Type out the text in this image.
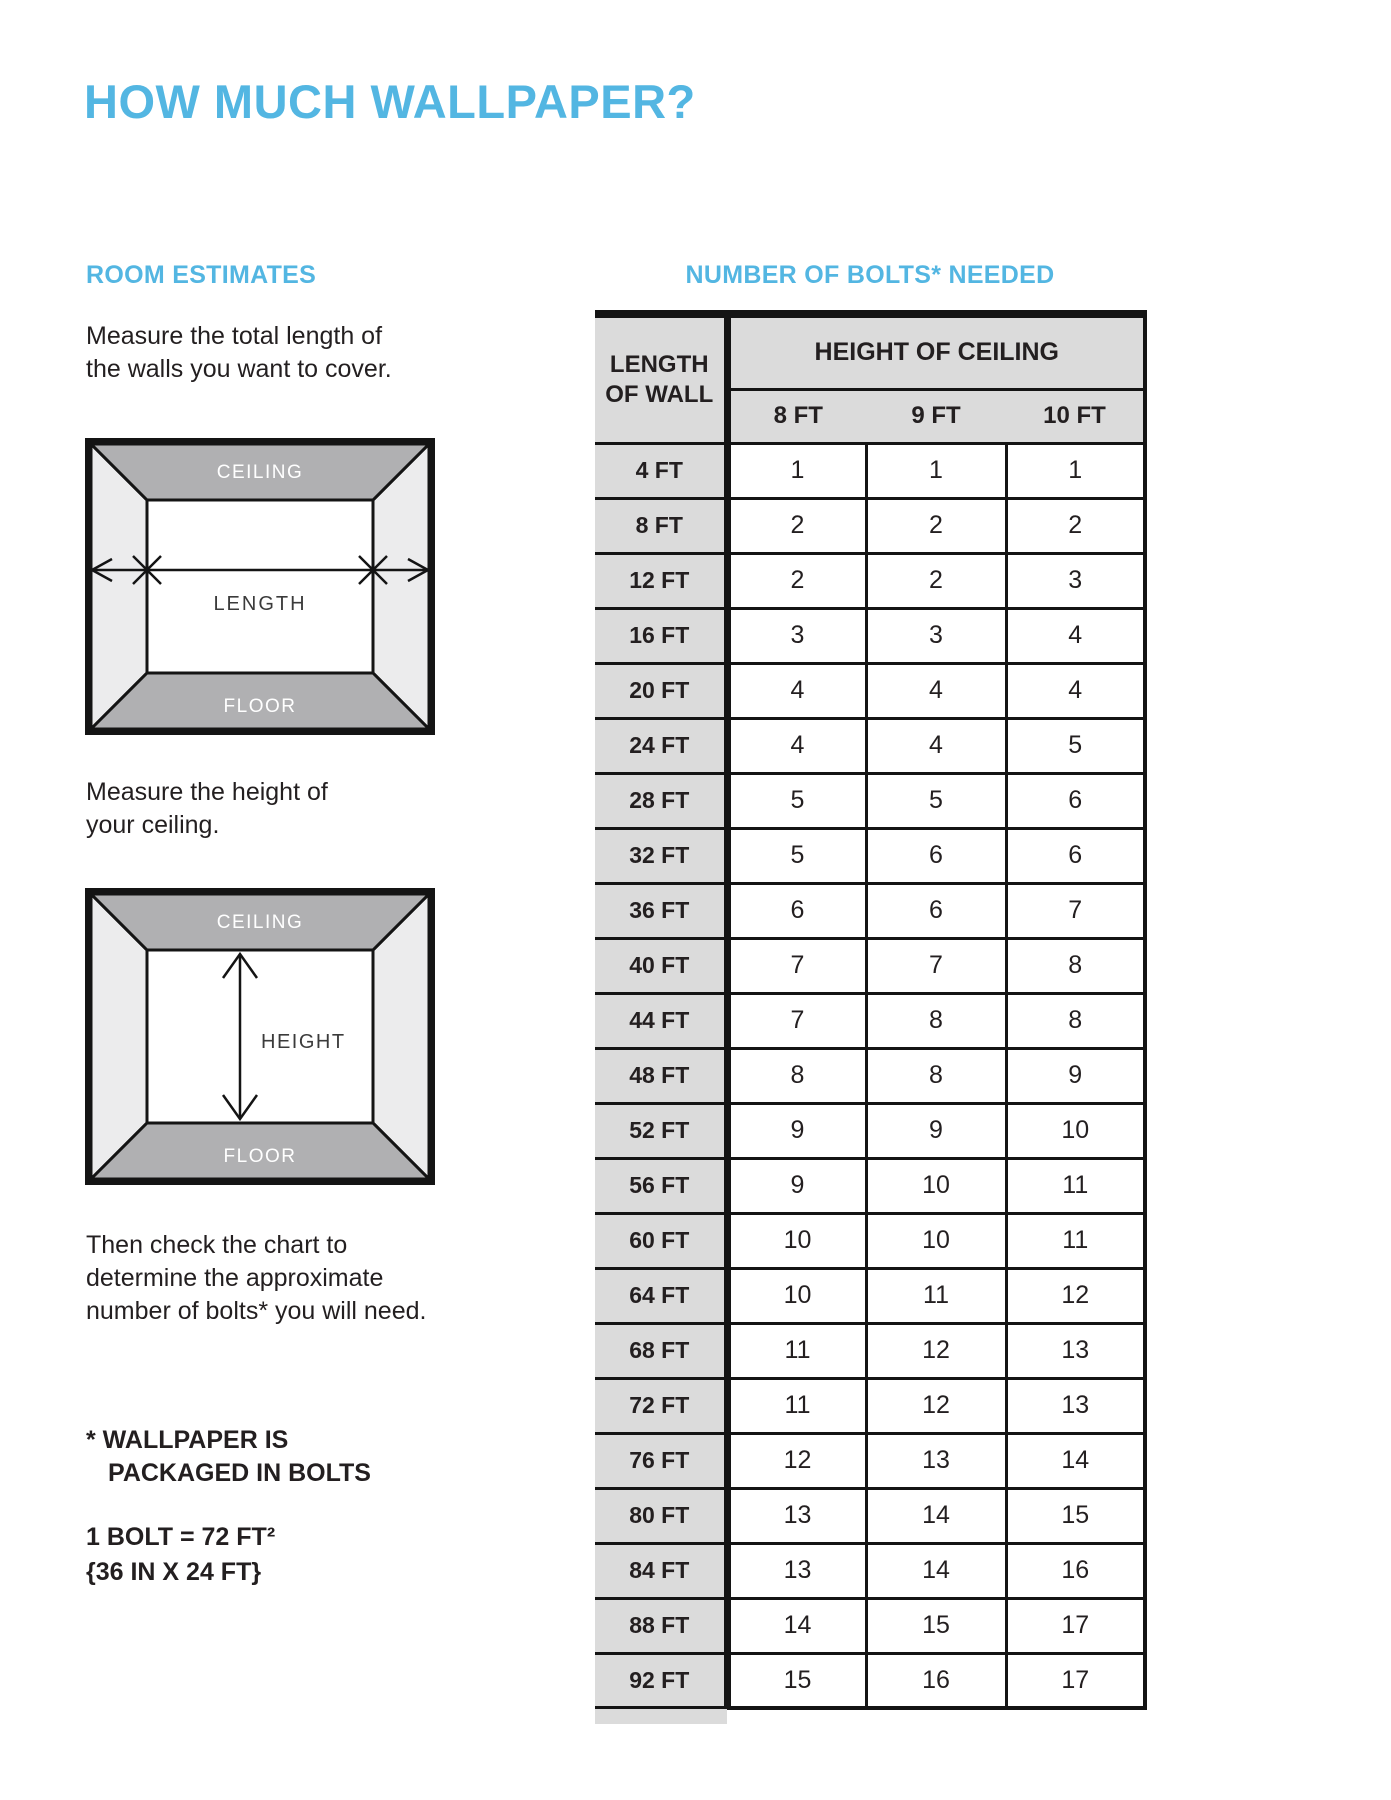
HOW MUCH WALLPAPER?
ROOM ESTIMATES	NUMBER OF BOLTS* NEEDED

Measure the total length of
the walls you want to cover.

CEILING
FLOOR
LENGTH

Measure the height of
your ceiling.

CEILING
FLOOR
HEIGHT

Then check the chart to
determine the approximate
number of bolts* you will need.

* WALLPAPER IS
PACKAGED IN BOLTS

1 BOLT = 72 FT²
{36 IN X 24 FT}

LENGTH
OF WALL	HEIGHT OF CEILING		
	8 FT	9 FT	10 FT
4 FT	1	1	1
8 FT	2	2	2
12 FT	2	2	3
16 FT	3	3	4
20 FT	4	4	4
24 FT	4	4	5
28 FT	5	5	6
32 FT	5	6	6
36 FT	6	6	7
40 FT	7	7	8
44 FT	7	8	8
48 FT	8	8	9
52 FT	9	9	10
56 FT	9	10	11
60 FT	10	10	11
64 FT	10	11	12
68 FT	11	12	13
72 FT	11	12	13
76 FT	12	13	14
80 FT	13	14	15
84 FT	13	14	16
88 FT	14	15	17
92 FT	15	16	17
